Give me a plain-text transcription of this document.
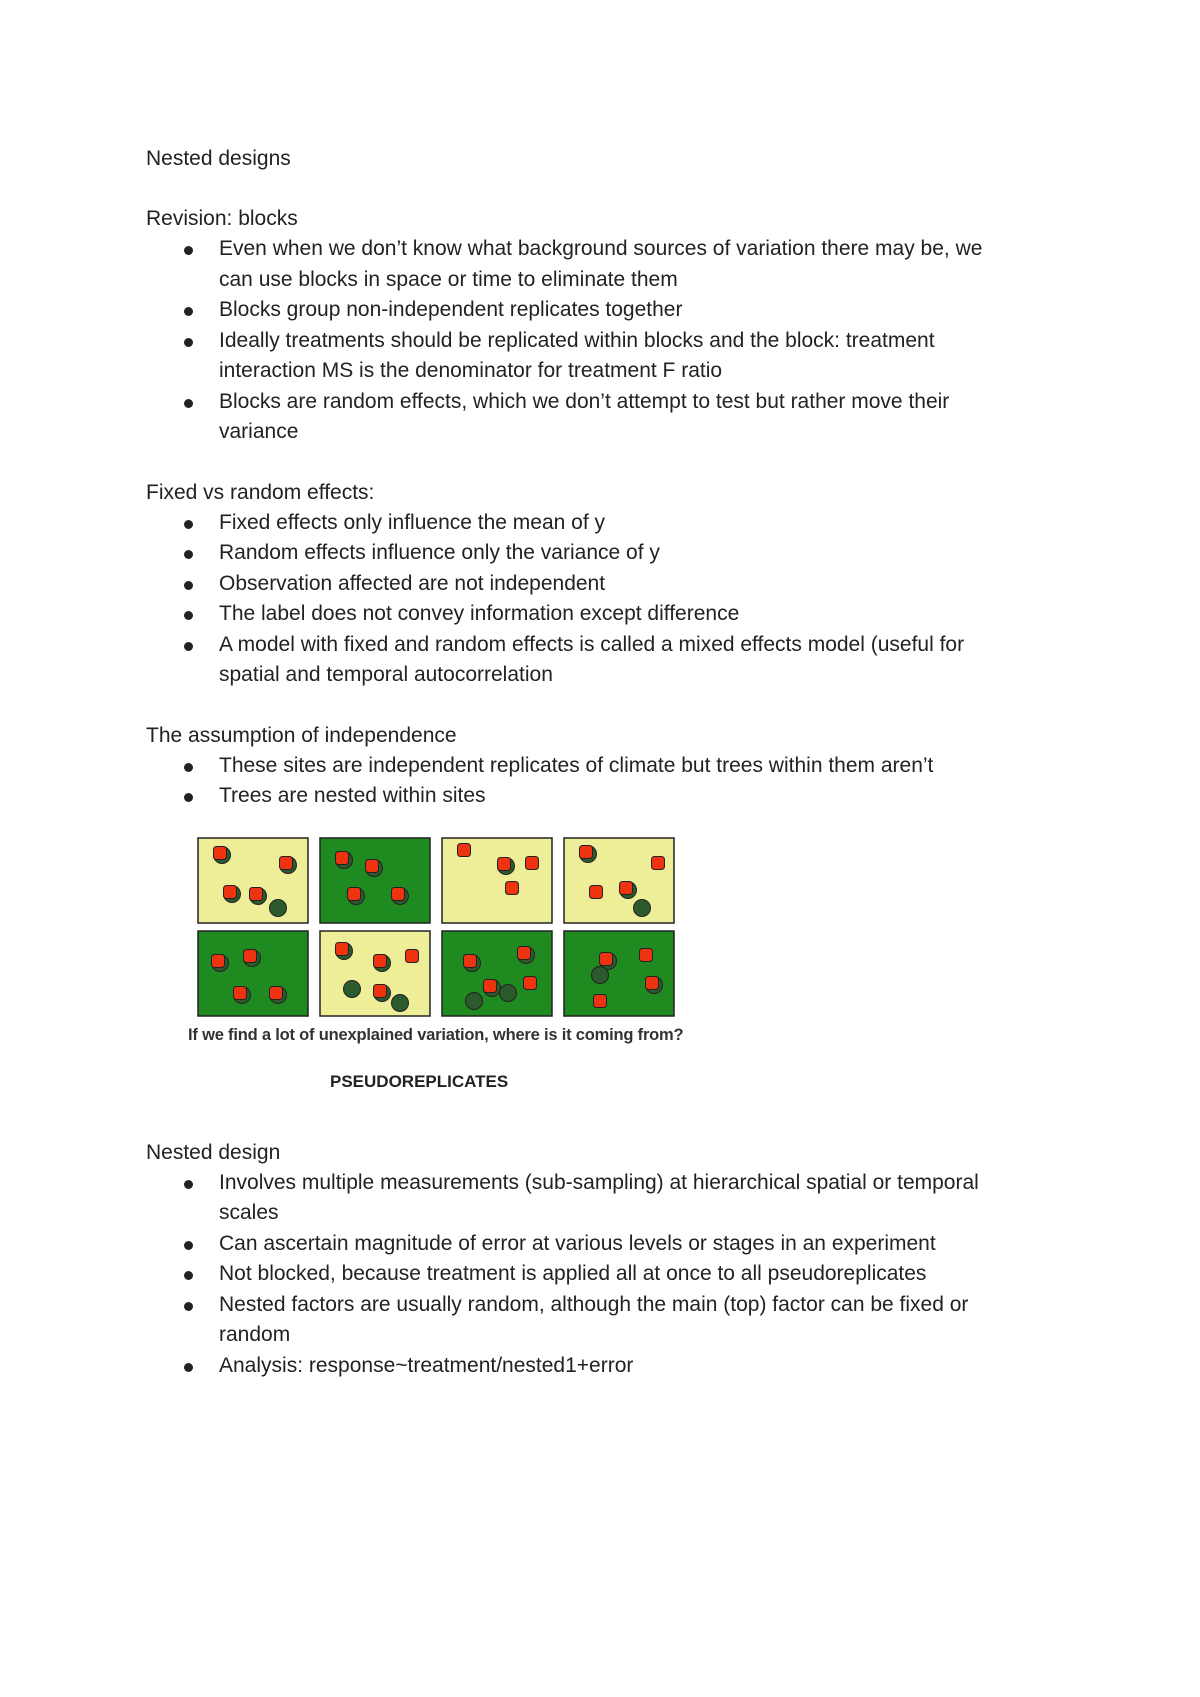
Nested designs

Revision: blocks

Even when we don’t know what background sources of variation there may be, we
can use blocks in space or time to eliminate them
Blocks group non-independent replicates together
Ideally treatments should be replicated within blocks and the block: treatment
interaction MS is the denominator for treatment F ratio
Blocks are random effects, which we don’t attempt to test but rather move their
variance

Fixed vs random effects:

Fixed effects only influence the mean of y
Random effects influence only the variance of y
Observation affected are not independent
The label does not convey information except difference
A model with fixed and random effects is called a mixed effects model (useful for
spatial and temporal autocorrelation

The assumption of independence

These sites are independent replicates of climate but trees within them aren’t
Trees are nested within sites
If we find a lot of unexplained variation, where is it coming from?
PSEUDOREPLICATES

Nested design

Involves multiple measurements (sub-sampling) at hierarchical spatial or temporal
scales
Can ascertain magnitude of error at various levels or stages in an experiment
Not blocked, because treatment is applied all at once to all pseudoreplicates
Nested factors are usually random, although the main (top) factor can be fixed or
random
Analysis: response~treatment/nested1+error
